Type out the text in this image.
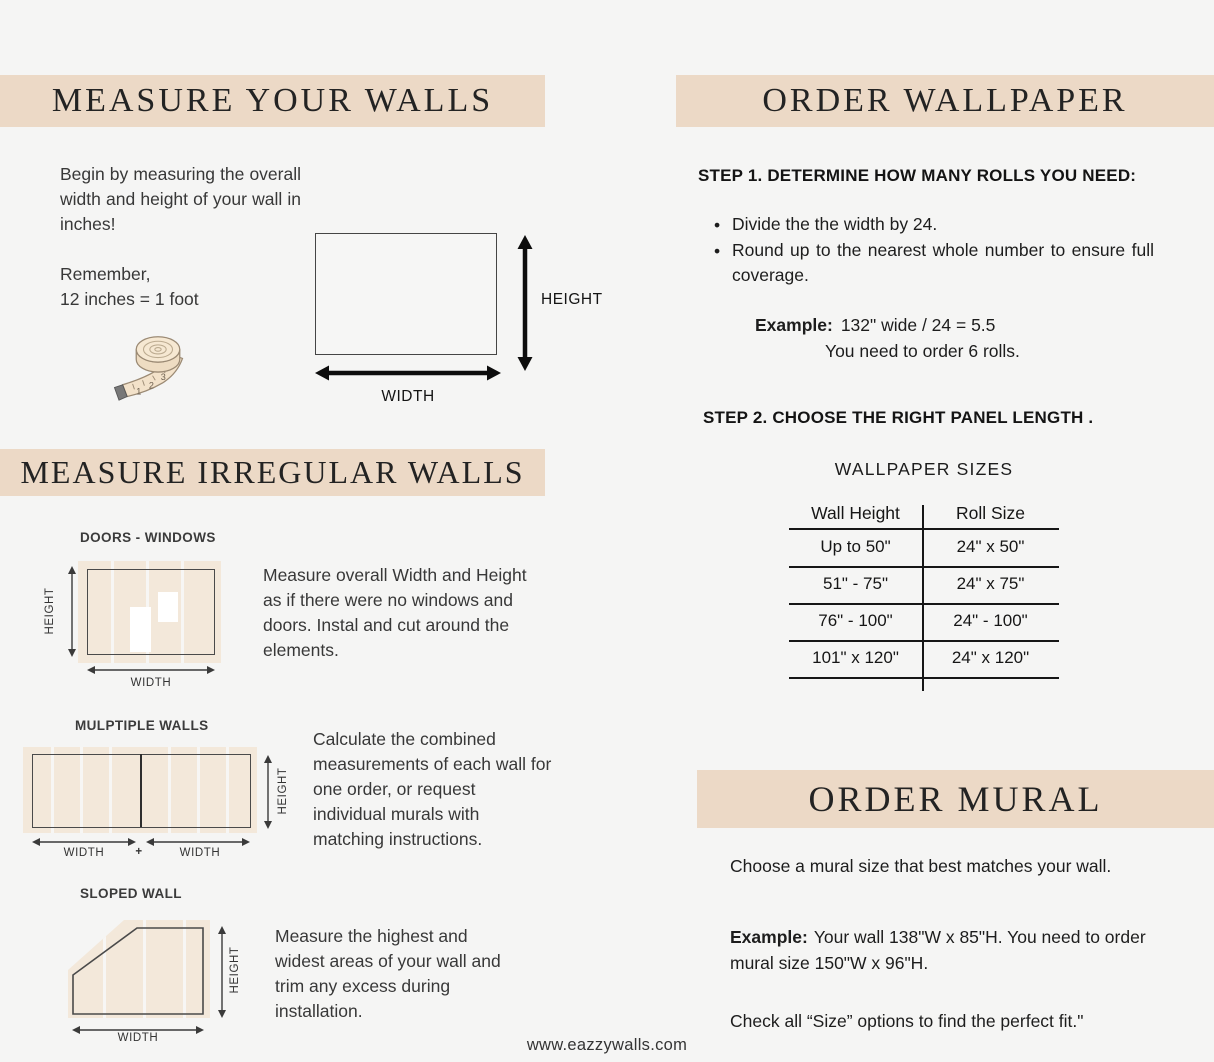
MEASURE YOUR WALLS
Begin by measuring the overall width and height of your wall in inches!
Remember,
12 inches = 1 foot
1
2
3
HEIGHT
WIDTH
MEASURE IRREGULAR WALLS
DOORS - WINDOWS
HEIGHT
WIDTH
Measure overall Width and Height as if there were no windows and doors. Instal and cut around the elements.
MULPTIPLE WALLS
HEIGHT
WIDTH	+	WIDTH
Calculate the combined measurements of each wall for one order, or request individual murals with matching instructions.
SLOPED WALL
HEIGHT
WIDTH
Measure the highest and widest areas of your wall and trim any excess during installation.
ORDER WALLPAPER
STEP 1. DETERMINE HOW MANY ROLLS YOU NEED:
• Divide the the width by 24.
• Round up to the nearest whole number to ensure full coverage.
Example: 132" wide / 24 = 5.5
You need to order 6 rolls.
STEP 2. CHOOSE THE RIGHT PANEL LENGTH .
WALLPAPER SIZES
Wall Height	Roll Size
Up to 50"	24" x 50"
51" - 75"	24" x 75"
76" - 100"	24" - 100"
101" x 120"	24" x 120"
ORDER MURAL
Choose a mural size that best matches your wall.
Example: Your wall 138"W x 85"H. You need to order mural size 150"W x 96"H.
Check all “Size” options to find the perfect fit."
www.eazzywalls.com
